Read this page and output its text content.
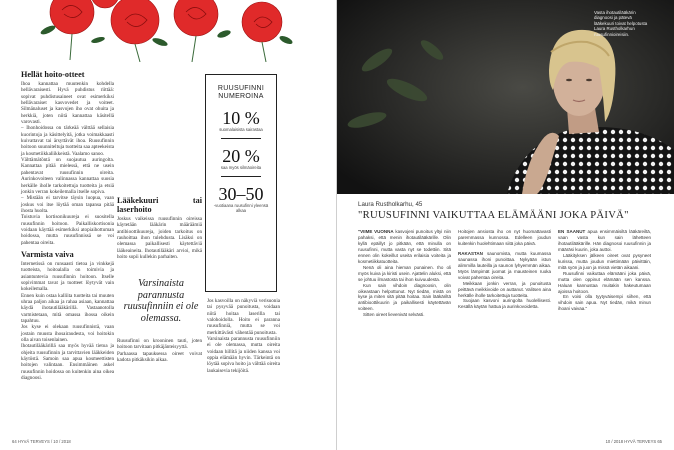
Hellät hoito-otteet

Ihoa kannattaa muutenkin kohdella hellävaraisesti. Hyvä puhdistus riittää: sopivat puhdistusaineet ovat esimerkiksi hellävaraiset kasvovedet ja voiteet. Silmänaluset ja kasvojen iho ovat ohuita ja herkkiä, joten niitä kannattaa käsitellä varovasti.

– Ihonhoidossa on tärkeää välttää sellaisia kuorintoja ja käsittelyitä, jotka voimakkaasti kuivattavat tai ärsyttävät ihoa. Ruusufinnin hoitoon suunniteltuja tuotteita saa apteekeista ja kosmetiikkaliikkeistä. Vaalamo sanoo.

Välttämätöntä on suojautua auringolta. Kannattaa pitää mielessä, että ne usein pahentavat ruusufinnin oireita. Aurinkovoiteen valinnassa kannattaa suosia herkälle iholle tarkoitettuja tuotteita ja etsiä jonkin verran kokeilemalla itselle sopiva.

– Mistään ei tarvitse täysin luopua, vaan joskus voi itse löytää oman tapansa pitää ihosta huolta.

Toistuvia kortisonikuureja ei suositella ruusufinnin hoitoon. Paikalliskortisonia voidaan käyttää esimerkiksi atopiaihottuman hoidossa, mutta ruusufinnissä se voi pahentaa oireita.

Varmista vaiva

Internetissä on runsaasti tietoa ja vinkkejä tuotteista, hoitoalalla on toimivia ja asiantuntevia ruusufinnin hoitoon. Itselle sopivimmat tavat ja tuotteet löytyvät vain kokeilemalla.

Ennen kuin ostaa kalliita tuotteita tai muuten uhraa paljon aikaa ja rahaa asiaan, kannattaa käydä ihotautilääkärillä. Vastaanotolla varmistetaan, mitä omassa ihossa oikein tapahtuu.

Jos kyse ei olekaan ruusufinnistä, vaan jostain muusta ihosairaudesta, voi hoitokin olla aivan toisenlainen.

Ihotautilääkärillä saa myös hyvää tietoa ja ohjeita ruusufinnin ja tarvittavien lääkkeiden käytöstä. Samoin saa apua kosmeettisten hoitojen valintaan. Ensimmäinen askel ruusufinnin hoidossa on kuitenkin aina oikea diagnoosi.

Lääkekuuri tai laserhoito

Joskus vaikeissa ruusufinnin oireissa käytetään lääkärin määräämiä antibioottikuureja, joiden tarkoitus on rauhoittaa ihon tulehdusta. Lisäksi on olemassa paikallisesti käytettäviä lääkeaineita. Ihotautilääkäri arvioi, mikä hoito sopii kullekin parhaiten.

Varsinaista parannusta ruusufinniin ei ole olemassa.

Ruusufinni on krooninen tauti, joten hoitoon tarvitaan pitkäjänteisyyttä.

Parhaassa tapauksessa oireet voivat kadota pitkäksikin aikaa.

Jos kasvoilla on näkyviä verisuonia tai pysyvää punoitusta, voidaan niitä hoitaa laserilla tai valohoidolla. Hoito ei paranna ruusufinniä, mutta se voi merkittävästi vähentää punoitusta.

Varsinaista parannusta ruusufinniin ei ole olemassa, mutta oireita voidaan hillitä ja niiden kanssa voi oppia elämään hyvin. Tärkeintä on löytää sopiva hoito ja välttää oireita laukaisevia tekijöitä.

RUUSUFINNI NUMEROINA
10 %
suomalaisista sairastaa
20 %
saa myös silmäoireita
30–50
-vuotiaana ruusufinni yleensä alkaa
64 HYVÄ TERVEYS / 10 / 2018
Vasta ihotautilääkärin diagnoosi ja pätevä lääkekuuri toivat helpotusta Laura Rustholkarhun ruusufinnioireisiin.
Laura Rustholkarhu, 45
"RUUSUFINNI VAIKUTTAA ELÄMÄÄNI JOKA PÄIVÄ"

"VIIME VUONNA kasvojeni punoitus yltyi niin pahaksi, että menin ihotautilääkärille. Olin kyllä epäillyt jo pitkään, että minulla on ruusufinni, mutta vasta nyt se todettiin. Sitä ennen olin kokeillut useita erilaisia voiteita ja kosmetiikkatuotteita.

Nenä oli aina hieman punainen. Iho oli myös kuiva ja kiristi usein. Ajattelin aluksi, että se johtuu ilmastosta tai ihon kuivuudesta.

Kun sain vihdoin diagnoosin, olin oikeastaan helpottunut. Nyt tiedän, mistä on kyse ja miten sitä pitää hoitaa. Sain lääkäriltä antibioottikuurin ja paikallisesti käytettävän voiteen.

Sitten oireet lievenivät selvästi.

Hoitojen ansiosta iho on nyt huomattavasti paremmassa kunnossa. Edelleen joudun kuitenkin huolehtimaan siitä joka päivä.

RAKASTAN saunomista, mutta kuumassa saunassa ihoni punoittaa. Nykyään istun alimmilla lauteilla ja saunon lyhyemmän aikaa. Myös lämpimät juomat ja mausteinen ruoka voivat pahentaa oireita.

Meikkaan jonkin verran, ja punoitusta peittävä meikkivoide on auttanut. Valitsen aina herkälle iholle tarkoitettuja tuotteita.

Suojaan kasvoni auringolta huolellisesti. Kesällä käytän hattua ja aurinkovoidetta.

EN SAANUT apua ensimmäisiltä lääkäreiltä, vaan vasta kun sain lähetteen ihotautilääkärille. Hän diagnosoi ruusufinnin ja määräsi kuurin, joka auttoi.

Lääkityksen jälkeen oireet ovat pysyneet kurissa, mutta joudun miettimään päivittäin, mitä syön ja juon ja missä vietän aikaani.

Ruusufinni vaikuttaa elämääni joka päivä, mutta olen oppinut elämään sen kanssa. Haluan kannustaa muitakin hakeutumaan ajoissa hoitoon.

En voisi olla tyytyväisempi siihen, että vihdoin sain apua. Nyt tiedän, mikä minun ihoani vaivaa."

10 / 2018 HYVÄ TERVEYS 65
